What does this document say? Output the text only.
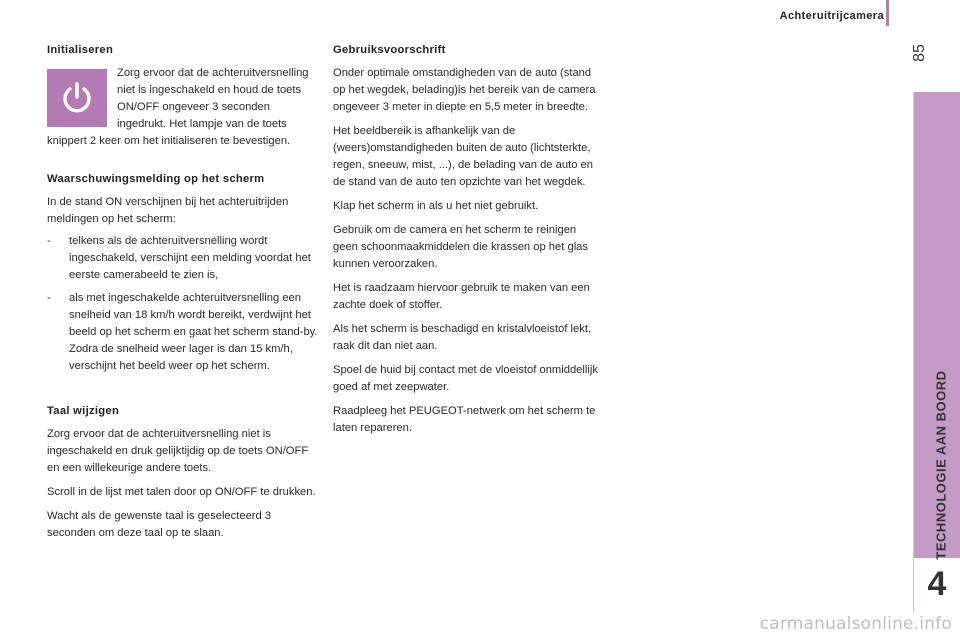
Achteruitrijcamera
85
TECHNOLOGIE AAN BOORD
4
Initialiseren

Zorg ervoor dat de achteruitversnelling niet is ingeschakeld en houd de toets ON/OFF ongeveer 3 seconden ingedrukt. Het lampje van de toets knippert 2 keer om het initialiseren te bevestigen.

Waarschuwingsmelding op het scherm

In de stand ON verschijnen bij het achteruitrijden meldingen op het scherm:

- telkens als de achteruitversnelling wordt ingeschakeld, verschijnt een melding voordat het eerste camerabeeld te zien is,
- als met ingeschakelde achteruitversnelling een snelheid van 18 km/h wordt bereikt, verdwijnt het beeld op het scherm en gaat het scherm stand-by. Zodra de snelheid weer lager is dan 15 km/h, verschijnt het beeld weer op het scherm.
Taal wijzigen

Zorg ervoor dat de achteruitversnelling niet is ingeschakeld en druk gelijktijdig op de toets ON/OFF en een willekeurige andere toets.

Scroll in de lijst met talen door op ON/OFF te drukken.

Wacht als de gewenste taal is geselecteerd 3 seconden om deze taal op te slaan.

Gebruiksvoorschrift

Onder optimale omstandigheden van de auto (stand op het wegdek, belading)is het bereik van de camera ongeveer 3 meter in diepte en 5,5 meter in breedte.

Het beeldbereik is afhankelijk van de (weers)omstandigheden buiten de auto (lichtsterkte, regen, sneeuw, mist, ...), de belading van de auto en de stand van de auto ten opzichte van het wegdek.

Klap het scherm in als u het niet gebruikt.

Gebruik om de camera en het scherm te reinigen geen schoonmaakmiddelen die krassen op het glas kunnen veroorzaken.

Het is raadzaam hiervoor gebruik te maken van een zachte doek of stoffer.

Als het scherm is beschadigd en kristalvloeistof lekt, raak dit dan niet aan.

Spoel de huid bij contact met de vloeistof onmiddellijk goed af met zeepwater.

Raadpleeg het PEUGEOT-netwerk om het scherm te laten repareren.

carmanualsonline.info
